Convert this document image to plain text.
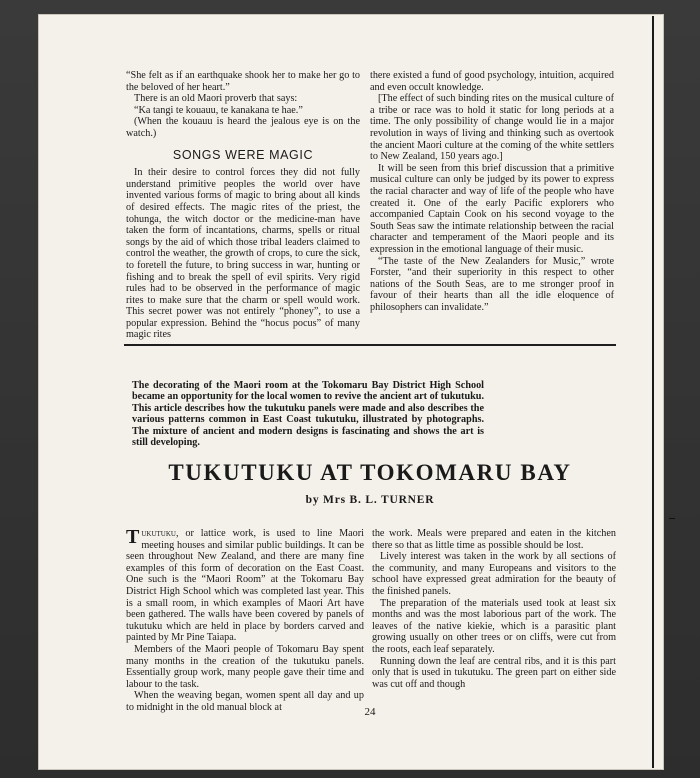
“She felt as if an earthquake shook her to make her go to the beloved of her heart.”

There is an old Maori proverb that says:

“Ka tangi te kouauu, te kanakana te hae.”

(When the kouauu is heard the jealous eye is on the watch.)

SONGS WERE MAGIC

In their desire to control forces they did not fully understand primitive peoples the world over have invented various forms of magic to bring about all kinds of desired effects. The magic rites of the priest, the tohunga, the witch doctor or the medicine-man have taken the form of incantations, charms, spells or ritual songs by the aid of which those tribal leaders claimed to control the weather, the growth of crops, to cure the sick, to foretell the future, to bring success in war, hunting or fishing and to break the spell of evil spirits. Very rigid rules had to be observed in the performance of magic rites to make sure that the charm or spell would work. This secret power was not entirely “phoney”, to use a popular expression. Behind the “hocus pocus” of many magic rites

there existed a fund of good psychology, intuition, acquired and even occult knowledge.

[The effect of such binding rites on the musical culture of a tribe or race was to hold it static for long periods at a time. The only possibility of change would lie in a major revolution in ways of living and thinking such as overtook the ancient Maori culture at the coming of the white settlers to New Zealand, 150 years ago.]

It will be seen from this brief discussion that a primitive musical culture can only be judged by its power to express the racial character and way of life of the people who have created it. One of the early Pacific explorers who accompanied Captain Cook on his second voyage to the South Seas saw the intimate relationship between the racial character and temperament of the Maori people and its expression in the emotional language of their music.

“The taste of the New Zealanders for Music,” wrote Forster, “and their superiority in this respect to other nations of the South Seas, are to me stronger proof in favour of their hearts than all the idle eloquence of philosophers can invalidate.”

The decorating of the Maori room at the Tokomaru Bay District High School became an opportunity for the local women to revive the ancient art of tukutuku. This article describes how the tukutuku panels were made and also describes the various patterns common in East Coast tukutuku, illustrated by photographs. The mixture of ancient and modern designs is fascinating and shows the art is still developing.
TUKUTUKU AT TOKOMARU BAY

by Mrs B. L. TURNER

Tukutuku, or lattice work, is used to line Maori meeting houses and similar public buildings. It can be seen throughout New Zealand, and there are many fine examples of this form of decoration on the East Coast. One such is the “Maori Room” at the Tokomaru Bay District High School which was completed last year. This is a small room, in which examples of Maori Art have been gathered. The walls have been covered by panels of tukutuku which are held in place by borders carved and painted by Mr Pine Taiapa.

Members of the Maori people of Tokomaru Bay spent many months in the creation of the tukutuku panels. Essentially group work, many people gave their time and labour to the task.

When the weaving began, women spent all day and up to midnight in the old manual block at

the work. Meals were prepared and eaten in the kitchen there so that as little time as possible should be lost.

Lively interest was taken in the work by all sections of the community, and many Europeans and visitors to the school have expressed great admiration for the beauty of the finished panels.

The preparation of the materials used took at least six months and was the most laborious part of the work. The leaves of the native kiekie, which is a parasitic plant growing usually on other trees or on cliffs, were cut from the roots, each leaf separately.

Running down the leaf are central ribs, and it is this part only that is used in tukutuku. The green part on either side was cut off and though

24
